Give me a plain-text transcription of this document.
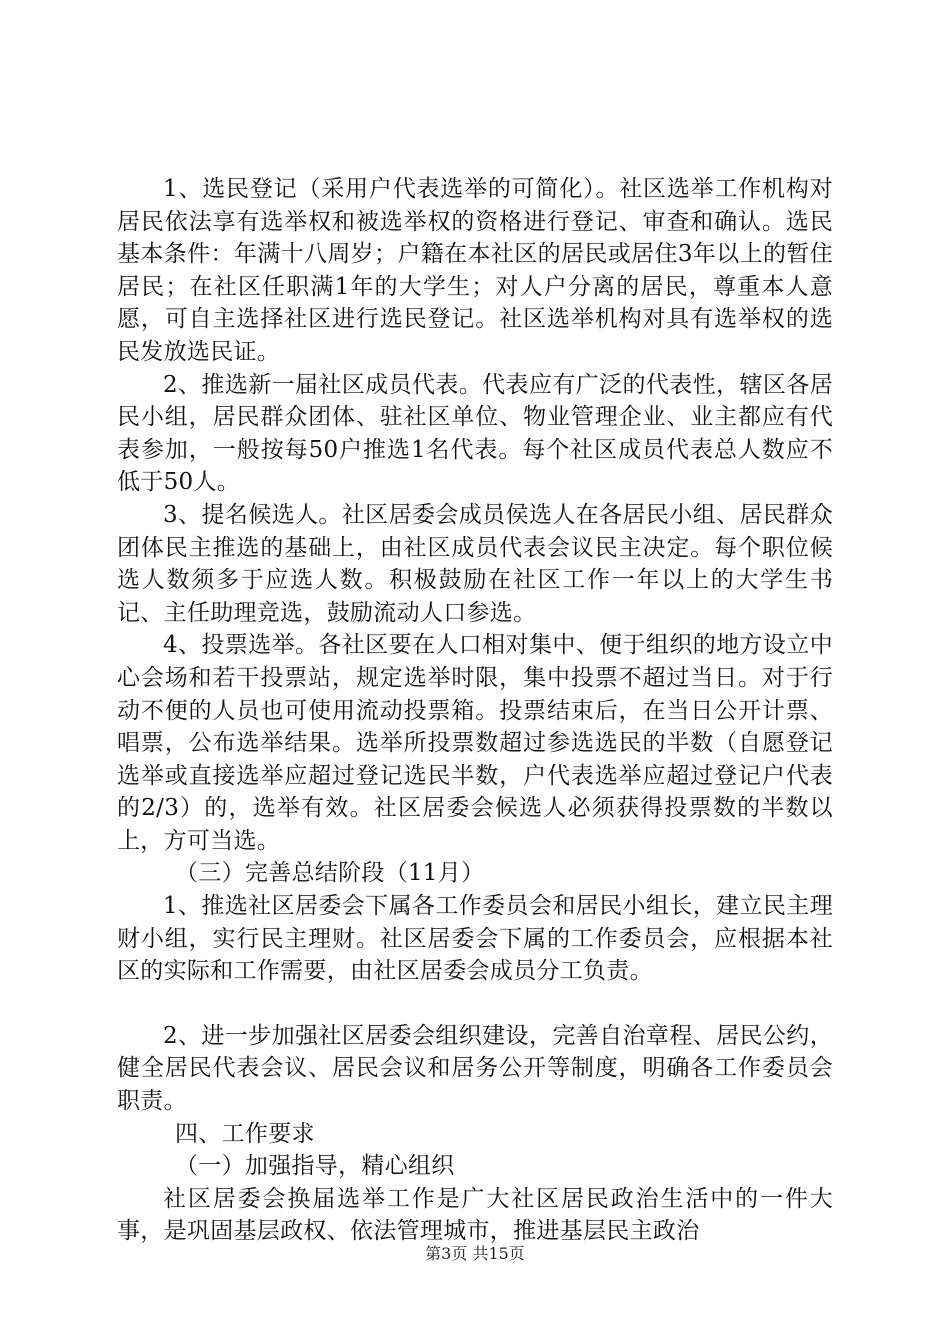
1、选民登记（采用户代表选举的可简化）。社区选举工作机构对居民依法享有选举权和被选举权的资格进行登记、审查和确认。选民基本条件：年满十八周岁；户籍在本社区的居民或居住3年以上的暂住居民；在社区任职满1年的大学生；对人户分离的居民，尊重本人意愿，可自主选择社区进行选民登记。社区选举机构对具有选举权的选民发放选民证。

2、推选新一届社区成员代表。代表应有广泛的代表性，辖区各居民小组，居民群众团体、驻社区单位、物业管理企业、业主都应有代表参加，一般按每50户推选1名代表。每个社区成员代表总人数应不低于50人。

3、提名候选人。社区居委会成员侯选人在各居民小组、居民群众团体民主推选的基础上，由社区成员代表会议民主决定。每个职位候选人数须多于应选人数。积极鼓励在社区工作一年以上的大学生书记、主任助理竞选，鼓励流动人口参选。

4、投票选举。各社区要在人口相对集中、便于组织的地方设立中心会场和若干投票站，规定选举时限，集中投票不超过当日。对于行动不便的人员也可使用流动投票箱。投票结束后，在当日公开计票、唱票，公布选举结果。选举所投票数超过参选选民的半数（自愿登记选举或直接选举应超过登记选民半数，户代表选举应超过登记户代表的2/3）的，选举有效。社区居委会候选人必须获得投票数的半数以上，方可当选。

（三）完善总结阶段（11月）

1、推选社区居委会下属各工作委员会和居民小组长，建立民主理财小组，实行民主理财。社区居委会下属的工作委员会，应根据本社区的实际和工作需要，由社区居委会成员分工负责。

2、进一步加强社区居委会组织建设，完善自治章程、居民公约，健全居民代表会议、居民会议和居务公开等制度，明确各工作委员会职责。

四、工作要求

（一）加强指导，精心组织

社区居委会换届选举工作是广大社区居民政治生活中的一件大事，是巩固基层政权、依法管理城市，推进基层民主政治

第3页 共15页
